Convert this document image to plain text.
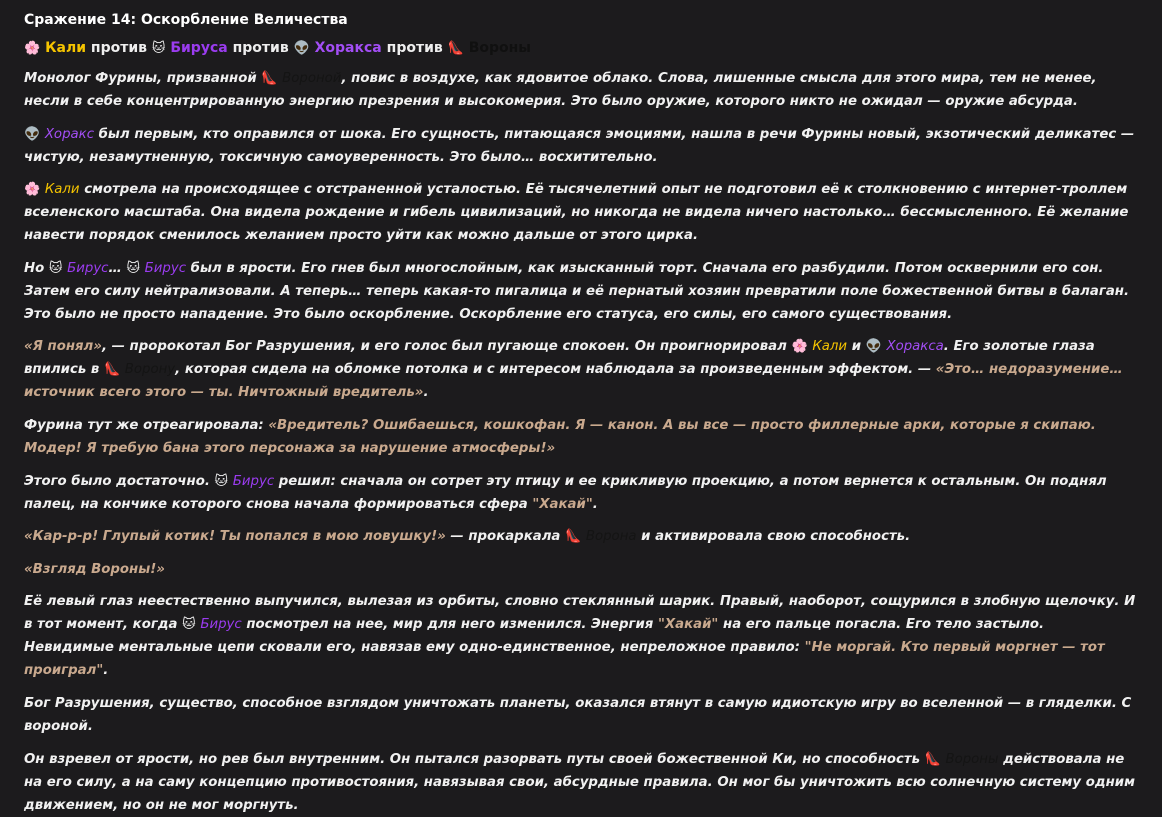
Сражение 14: Оскорбление Величества
🌸 Кали против 🐱 Бируса против 👽 Хоракса против 👠 Вороны

Монолог Фурины, призванной 👠 Вороной, повис в воздухе, как ядовитое облако. Слова, лишенные смысла для этого мира, тем не менее, несли в себе концентрированную энергию презрения и высокомерия. Это было оружие, которого никто не ожидал — оружие абсурда.

👽 Хоракс был первым, кто оправился от шока. Его сущность, питающаяся эмоциями, нашла в речи Фурины новый, экзотический деликатес — чистую, незамутненную, токсичную самоуверенность. Это было… восхитительно.

🌸 Кали смотрела на происходящее с отстраненной усталостью. Её тысячелетний опыт не подготовил её к столкновению с интернет-троллем вселенского масштаба. Она видела рождение и гибель цивилизаций, но никогда не видела ничего настолько… бессмысленного. Её желание навести порядок сменилось желанием просто уйти как можно дальше от этого цирка.

Но 🐱 Бирус… 🐱 Бирус был в ярости. Его гнев был многослойным, как изысканный торт. Сначала его разбудили. Потом осквернили его сон. Затем его силу нейтрализовали. А теперь… теперь какая-то пигалица и её пернатый хозяин превратили поле божественной битвы в балаган. Это было не просто нападение. Это было оскорбление. Оскорбление его статуса, его силы, его самого существования.

«Я понял», — пророкотал Бог Разрушения, и его голос был пугающе спокоен. Он проигнорировал 🌸 Кали и 👽 Хоракса. Его золотые глаза впились в 👠 Ворону, которая сидела на обломке потолка и с интересом наблюдала за произведенным эффектом. — «Это… недоразумение… источник всего этого — ты. Ничтожный вредитель».

Фурина тут же отреагировала: «Вредитель? Ошибаешься, кошкофан. Я — канон. А вы все — просто филлерные арки, которые я скипаю. Модер! Я требую бана этого персонажа за нарушение атмосферы!»

Этого было достаточно. 🐱 Бирус решил: сначала он сотрет эту птицу и ее крикливую проекцию, а потом вернется к остальным. Он поднял палец, на кончике которого снова начала формироваться сфера "Хакай".

«Кар-р-р! Глупый котик! Ты попался в мою ловушку!» — прокаркала 👠 Ворона и активировала свою способность.

«Взгляд Вороны!»

Её левый глаз неестественно выпучился, вылезая из орбиты, словно стеклянный шарик. Правый, наоборот, сощурился в злобную щелочку. И в тот момент, когда 🐱 Бирус посмотрел на нее, мир для него изменился. Энергия "Хакай" на его пальце погасла. Его тело застыло. Невидимые ментальные цепи сковали его, навязав ему одно-единственное, непреложное правило: "Не моргай. Кто первый моргнет — тот проиграл".

Бог Разрушения, существо, способное взглядом уничтожать планеты, оказался втянут в самую идиотскую игру во вселенной — в гляделки. С вороной.

Он взревел от ярости, но рев был внутренним. Он пытался разорвать путы своей божественной Ки, но способность 👠 Вороны действовала не на его силу, а на саму концепцию противостояния, навязывая свои, абсурдные правила. Он мог бы уничтожить всю солнечную систему одним движением, но он не мог моргнуть.
